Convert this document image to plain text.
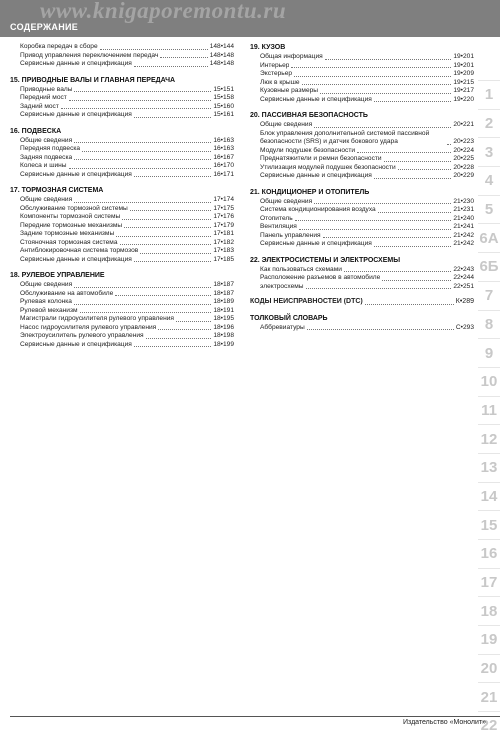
www.knigaporemontu.ru
СОДЕРЖАНИЕ
Коробка передач в сборе	148•144
Привод управления переключением передач	148•148
Сервисные данные и спецификация	148•148
15. ПРИВОДНЫЕ ВАЛЫ И ГЛАВНАЯ ПЕРЕДАЧА
Приводные валы	15•151
Передний мост	15•158
Задний мост	15•160
Сервисные данные и спецификация	15•161
16. ПОДВЕСКА
Общие сведения	16•163
Передняя подвеска	16•163
Задняя подвеска	16•167
Колеса и шины	16•170
Сервисные данные и спецификация	16•171
17. ТОРМОЗНАЯ СИСТЕМА
Общие сведения	17•174
Обслуживание тормозной системы	17•175
Компоненты тормозной системы	17•176
Передние тормозные механизмы	17•179
Задние тормозные механизмы	17•181
Стояночная тормозная система	17•182
Антиблокировочная система тормозов	17•183
Сервисные данные и спецификация	17•185
18. РУЛЕВОЕ УПРАВЛЕНИЕ
Общие сведения	18•187
Обслуживание на автомобиле	18•187
Рулевая колонка	18•189
Рулевой механизм	18•191
Магистрали гидроусилителя рулевого управления	18•195
Насос гидроусилителя рулевого управления	18•196
Электроусилитель рулевого управления	18•198
Сервисные данные и спецификация	18•199
19. КУЗОВ
Общая информация	19•201
Интерьер	19•201
Экстерьер	19•209
Люк в крыше	19•215
Кузовные размеры	19•217
Сервисные данные и спецификация	19•220
20. ПАССИВНАЯ БЕЗОПАСНОСТЬ
Общие сведения	20•221
Блок управления дополнительной системой пассивной безопасности (SRS) и датчик бокового удара	20•223
Модули подушек безопасности	20•224
Преднатяжители и ремни безопасности	20•225
Утилизация модулей подушек безопасности	20•228
Сервисные данные и спецификация	20•229
21. КОНДИЦИОНЕР И ОТОПИТЕЛЬ
Общие сведения	21•230
Система кондиционирования воздуха	21•231
Отопитель	21•240
Вентиляция	21•241
Панель управления	21•242
Сервисные данные и спецификация	21•242
22. ЭЛЕКТРОСИСТЕМЫ И ЭЛЕКТРОСХЕМЫ
Как пользоваться схемами	22•243
Расположение разъемов в автомобиле	22•244
электросхемы	22•251
КОДЫ НЕИСПРАВНОСТЕЙ (DTC)	К•289
ТОЛКОВЫЙ СЛОВАРЬ
Аббревиатуры	С•293
1
2
3
4
5
6А
6Б
7
8
9
10
11
12
13
14
15
16
17
18
19
20
21
22
Издательство «Монолит»
